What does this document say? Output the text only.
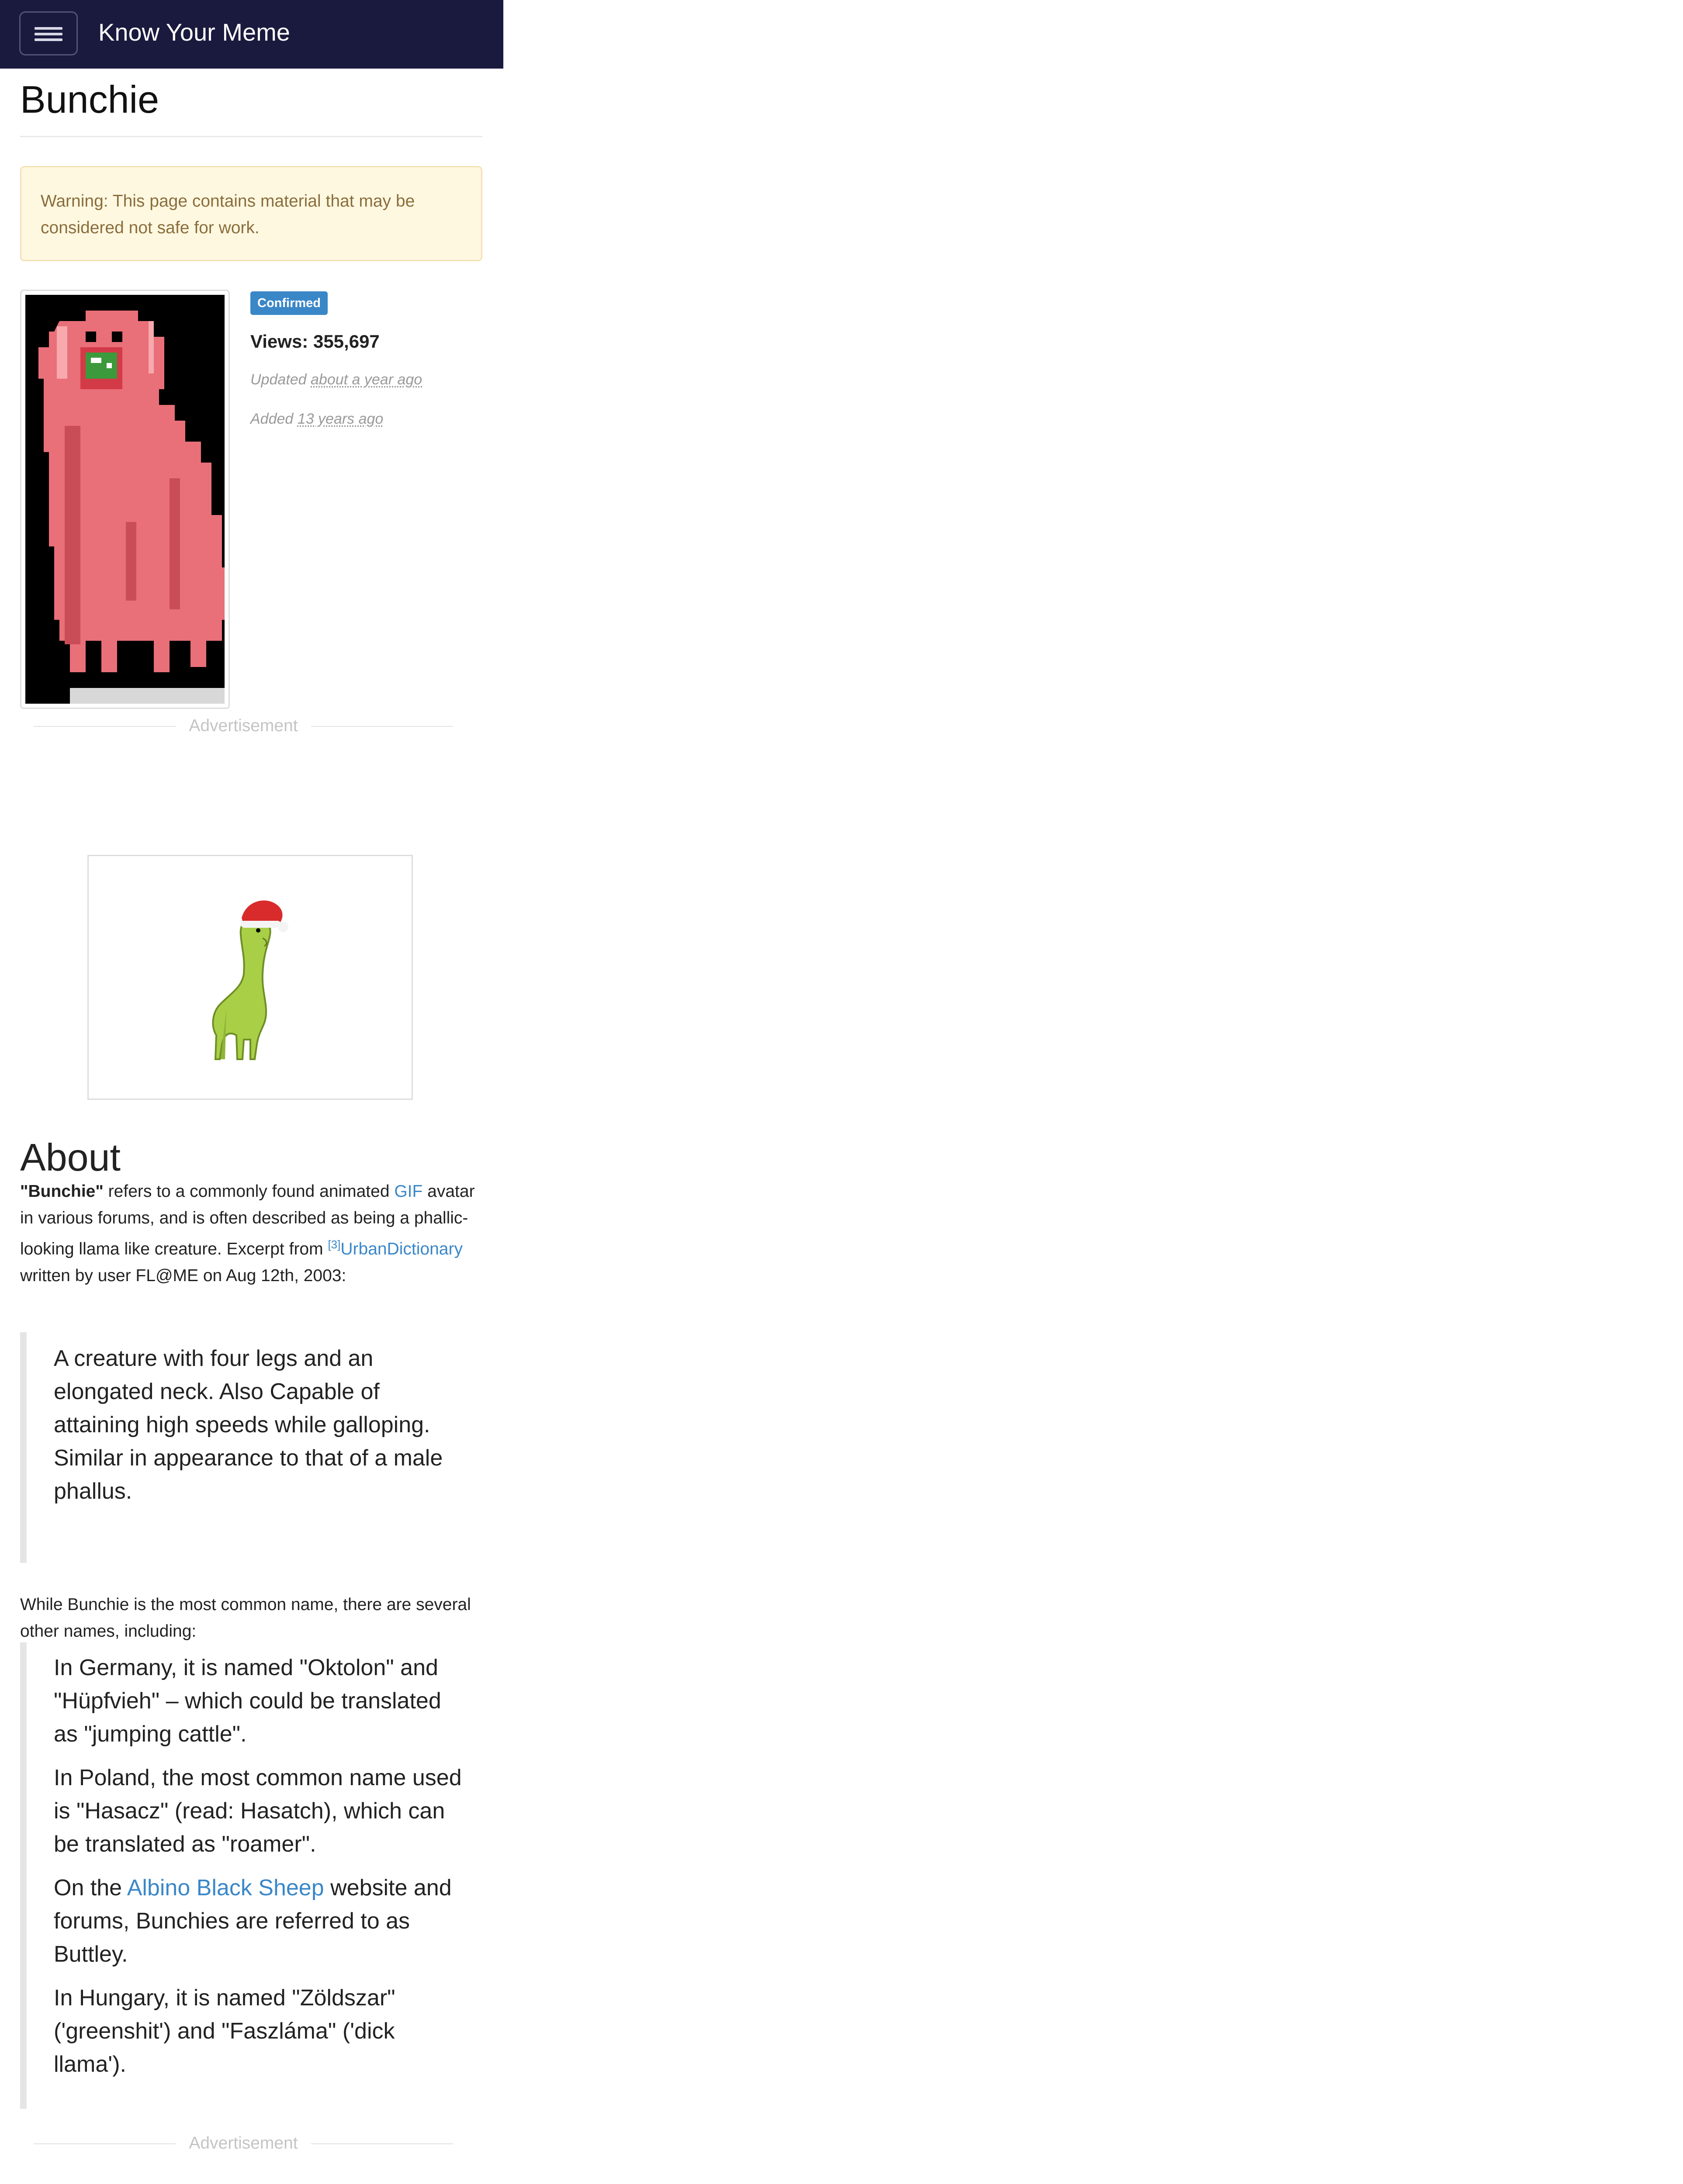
Know Your Meme
Bunchie

Warning: This page contains material that may be considered not safe for work.

Confirmed
Views: 355,697
Updated about a year ago
Added 13 years ago
Advertisement
About

"Bunchie" refers to a commonly found animated GIF avatar in various forums, and is often described as being a phallic-looking llama like creature. Excerpt from [3]UrbanDictionary written by user FL@ME on Aug 12th, 2003:

A creature with four legs and an elongated neck. Also Capable of attaining high speeds while galloping. Similar in appearance to that of a male phallus.

While Bunchie is the most common name, there are several other names, including:

In Germany, it is named "Oktolon" and "Hüpfvieh" – which could be translated as "jumping cattle".

In Poland, the most common name used is "Hasacz" (read: Hasatch), which can be translated as "roamer".

On the Albino Black Sheep website and forums, Bunchies are referred to as Buttley.

In Hungary, it is named "Zöldszar" ('greenshit') and "Faszláma" ('dick llama').

Advertisement
